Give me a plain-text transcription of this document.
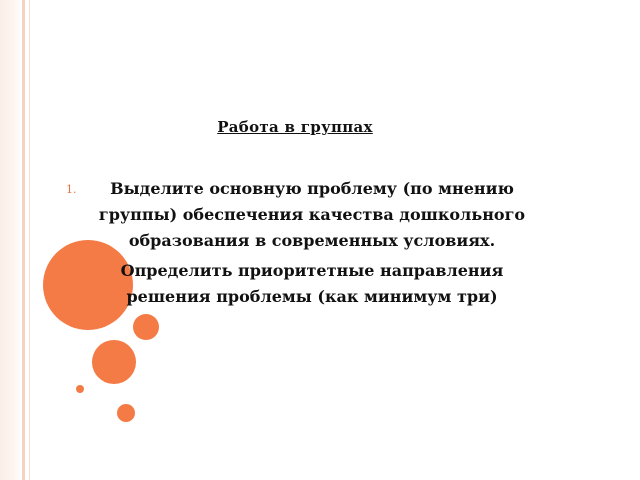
Работа в группах
1.	Выделите основную проблему (по мнению группы) обеспечения качества дошкольного образования в современных условиях.
Определить приоритетные направления решения проблемы (как минимум три)
